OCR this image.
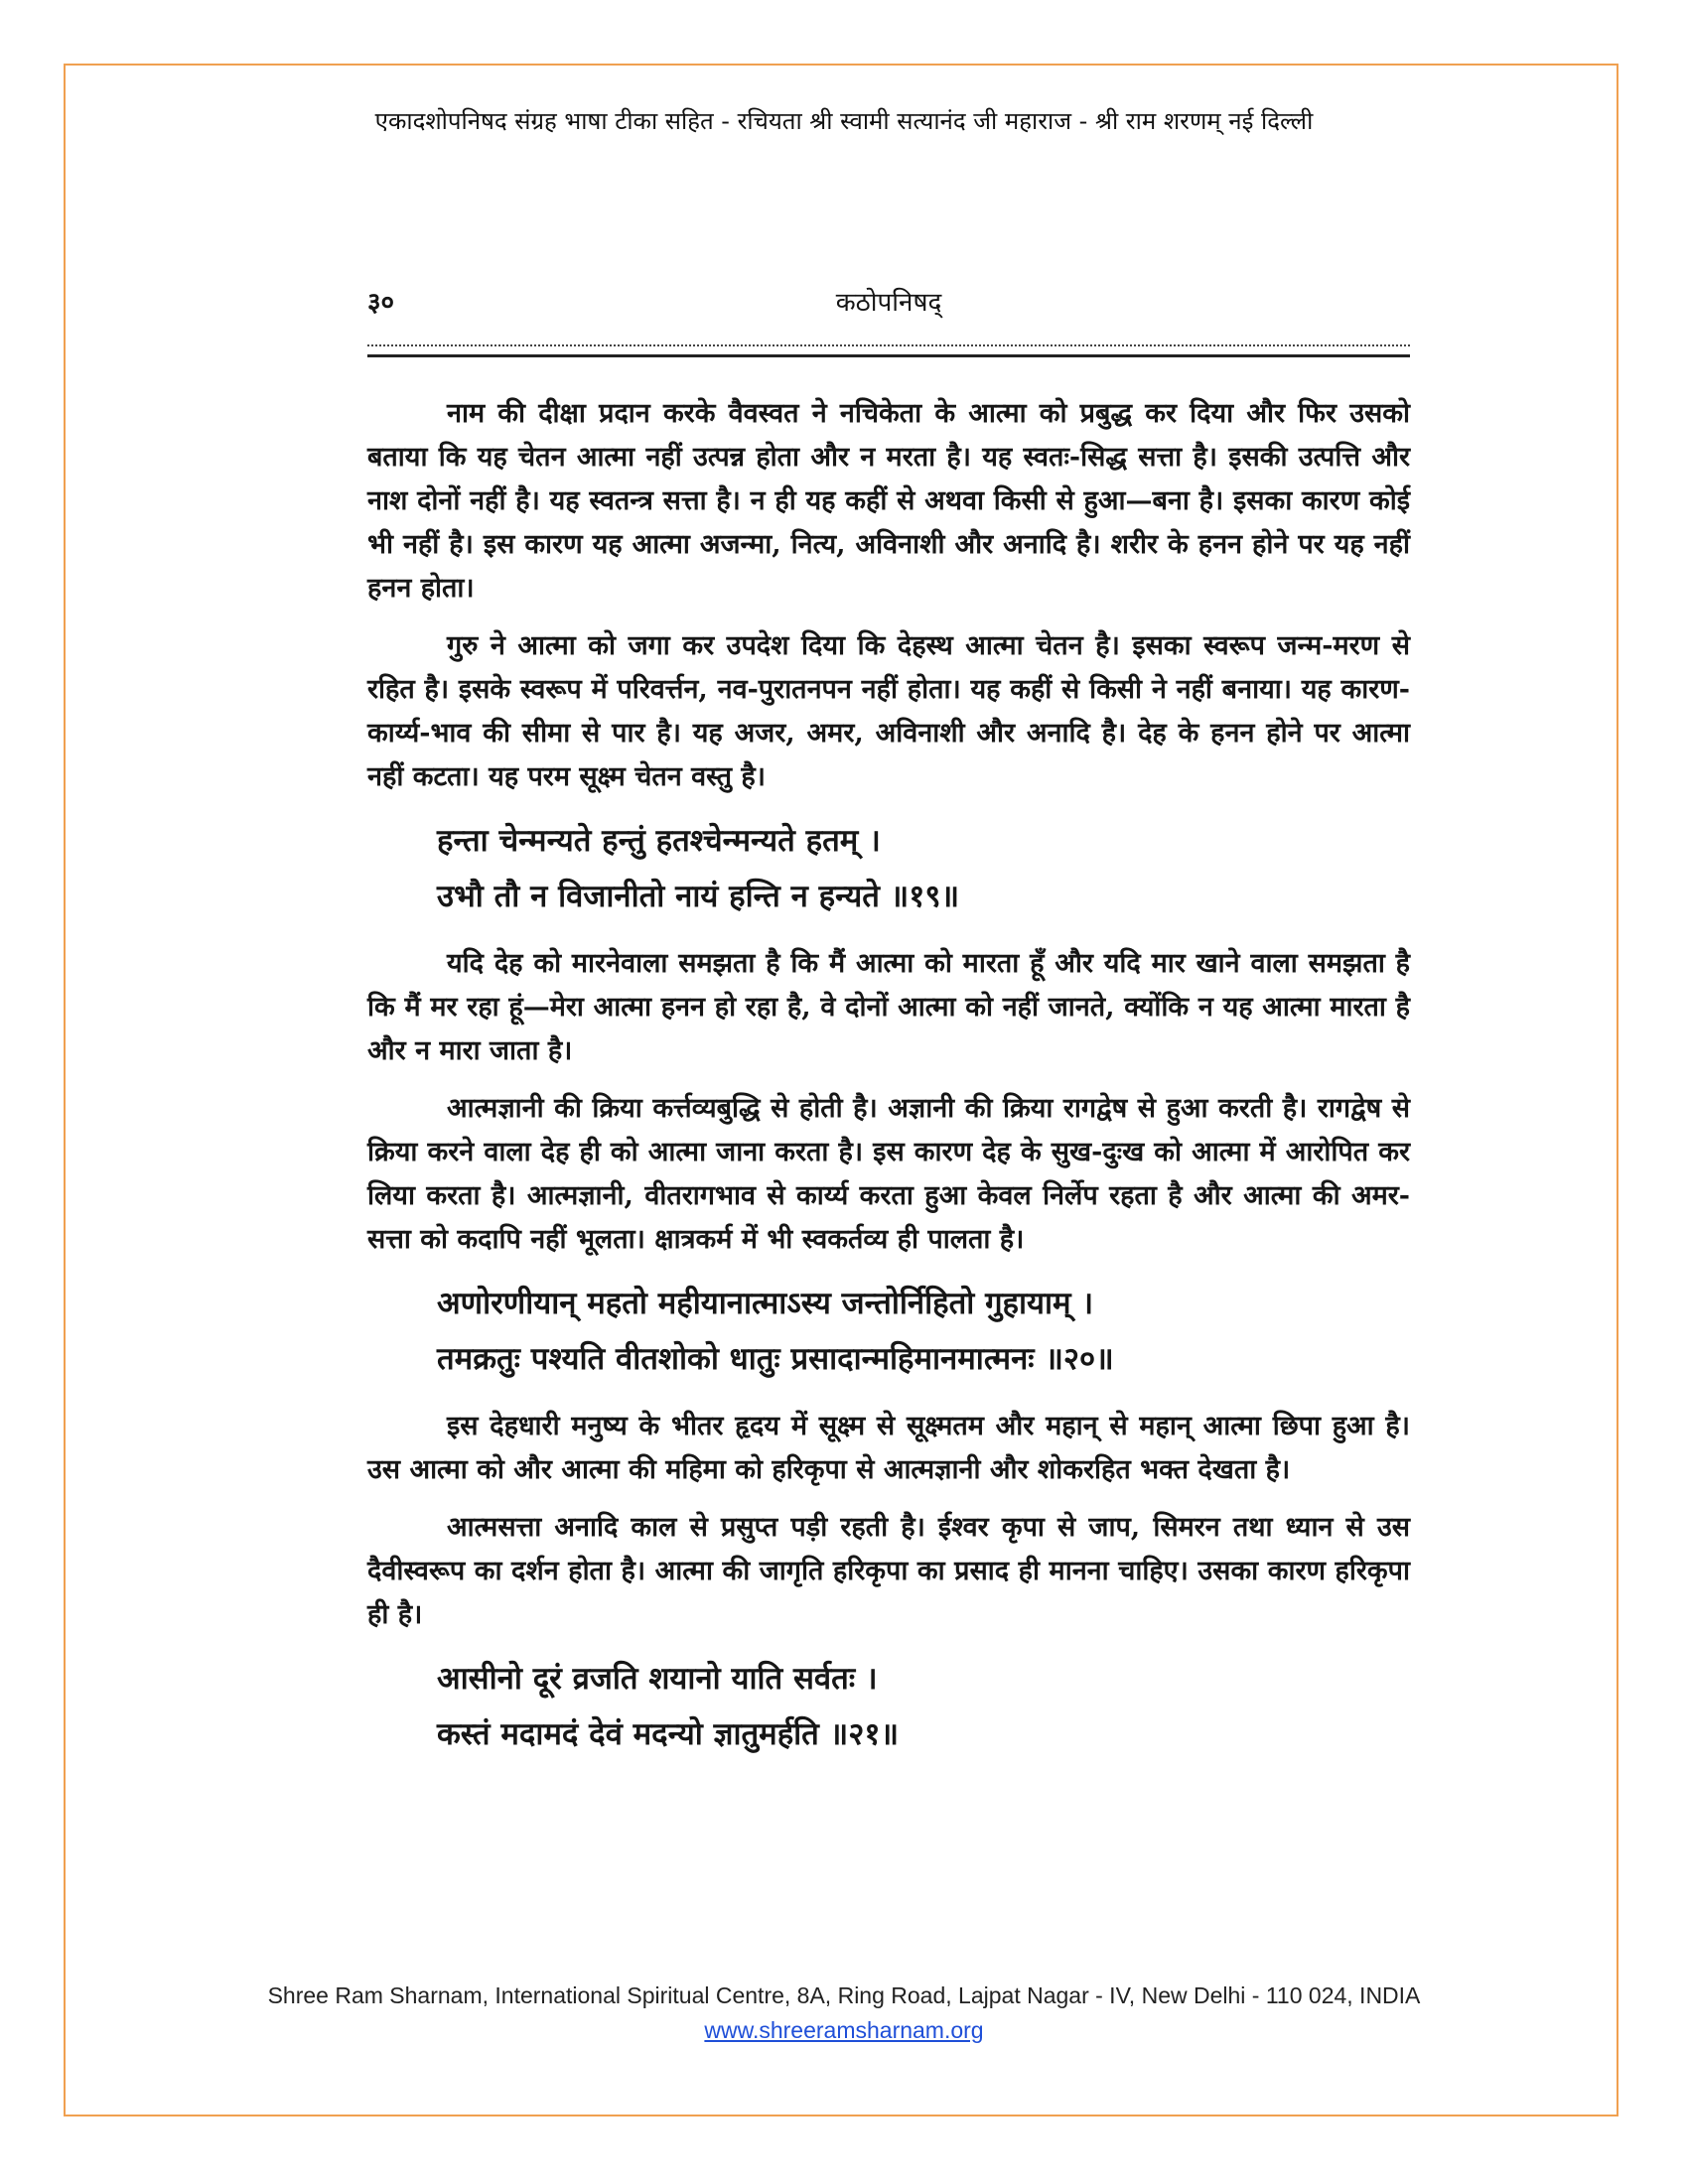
एकादशोपनिषद संग्रह भाषा टीका सहित - रचियता श्री स्वामी सत्यानंद जी महाराज - श्री राम शरणम् नई दिल्ली
३०	कठोपनिषद्

नाम की दीक्षा प्रदान करके वैवस्वत ने नचिकेता के आत्मा को प्रबुद्ध कर दिया और फिर उसको बताया कि यह चेतन आत्मा नहीं उत्पन्न होता और न मरता है। यह स्वतः-सिद्ध सत्ता है। इसकी उत्पत्ति और नाश दोनों नहीं है। यह स्वतन्त्र सत्ता है। न ही यह कहीं से अथवा किसी से हुआ—बना है। इसका कारण कोई भी नहीं है। इस कारण यह आत्मा अजन्मा, नित्य, अविनाशी और अनादि है। शरीर के हनन होने पर यह नहीं हनन होता।

गुरु ने आत्मा को जगा कर उपदेश दिया कि देहस्थ आत्मा चेतन है। इसका स्वरूप जन्म-मरण से रहित है। इसके स्वरूप में परिवर्त्तन, नव-पुरातनपन नहीं होता। यह कहीं से किसी ने नहीं बनाया। यह कारण-कार्य्य-भाव की सीमा से पार है। यह अजर, अमर, अविनाशी और अनादि है। देह के हनन होने पर आत्मा नहीं कटता। यह परम सूक्ष्म चेतन वस्तु है।

हन्ता चेन्मन्यते हन्तुं हतश्चेन्मन्यते हतम् ।
उभौ तौ न विजानीतो नायं हन्ति न हन्यते ॥१९॥

यदि देह को मारनेवाला समझता है कि मैं आत्मा को मारता हूँ और यदि मार खाने वाला समझता है कि मैं मर रहा हूं—मेरा आत्मा हनन हो रहा है, वे दोनों आत्मा को नहीं जानते, क्योंकि न यह आत्मा मारता है और न मारा जाता है।

आत्मज्ञानी की क्रिया कर्त्तव्यबुद्धि से होती है। अज्ञानी की क्रिया रागद्वेष से हुआ करती है। रागद्वेष से क्रिया करने वाला देह ही को आत्मा जाना करता है। इस कारण देह के सुख-दुःख को आत्मा में आरोपित कर लिया करता है। आत्मज्ञानी, वीतरागभाव से कार्य्य करता हुआ केवल निर्लेप रहता है और आत्मा की अमर-सत्ता को कदापि नहीं भूलता। क्षात्रकर्म में भी स्वकर्तव्य ही पालता है।

अणोरणीयान् महतो महीयानात्माऽस्य जन्तोर्निहितो गुहायाम् ।
तमक्रतुः पश्यति वीतशोको धातुः प्रसादान्महिमानमात्मनः ॥२०॥

इस देहधारी मनुष्य के भीतर हृदय में सूक्ष्म से सूक्ष्मतम और महान् से महान् आत्मा छिपा हुआ है। उस आत्मा को और आत्मा की महिमा को हरिकृपा से आत्मज्ञानी और शोकरहित भक्त देखता है।

आत्मसत्ता अनादि काल से प्रसुप्त पड़ी रहती है। ईश्वर कृपा से जाप, सिमरन तथा ध्यान से उस दैवीस्वरूप का दर्शन होता है। आत्मा की जागृति हरिकृपा का प्रसाद ही मानना चाहिए। उसका कारण हरिकृपा ही है।

आसीनो दूरं व्रजति शयानो याति सर्वतः ।
कस्तं मदामदं देवं मदन्यो ज्ञातुमर्हति ॥२१॥
Shree Ram Sharnam, International Spiritual Centre, 8A, Ring Road, Lajpat Nagar - IV, New Delhi - 110 024, INDIA
www.shreeramsharnam.org
